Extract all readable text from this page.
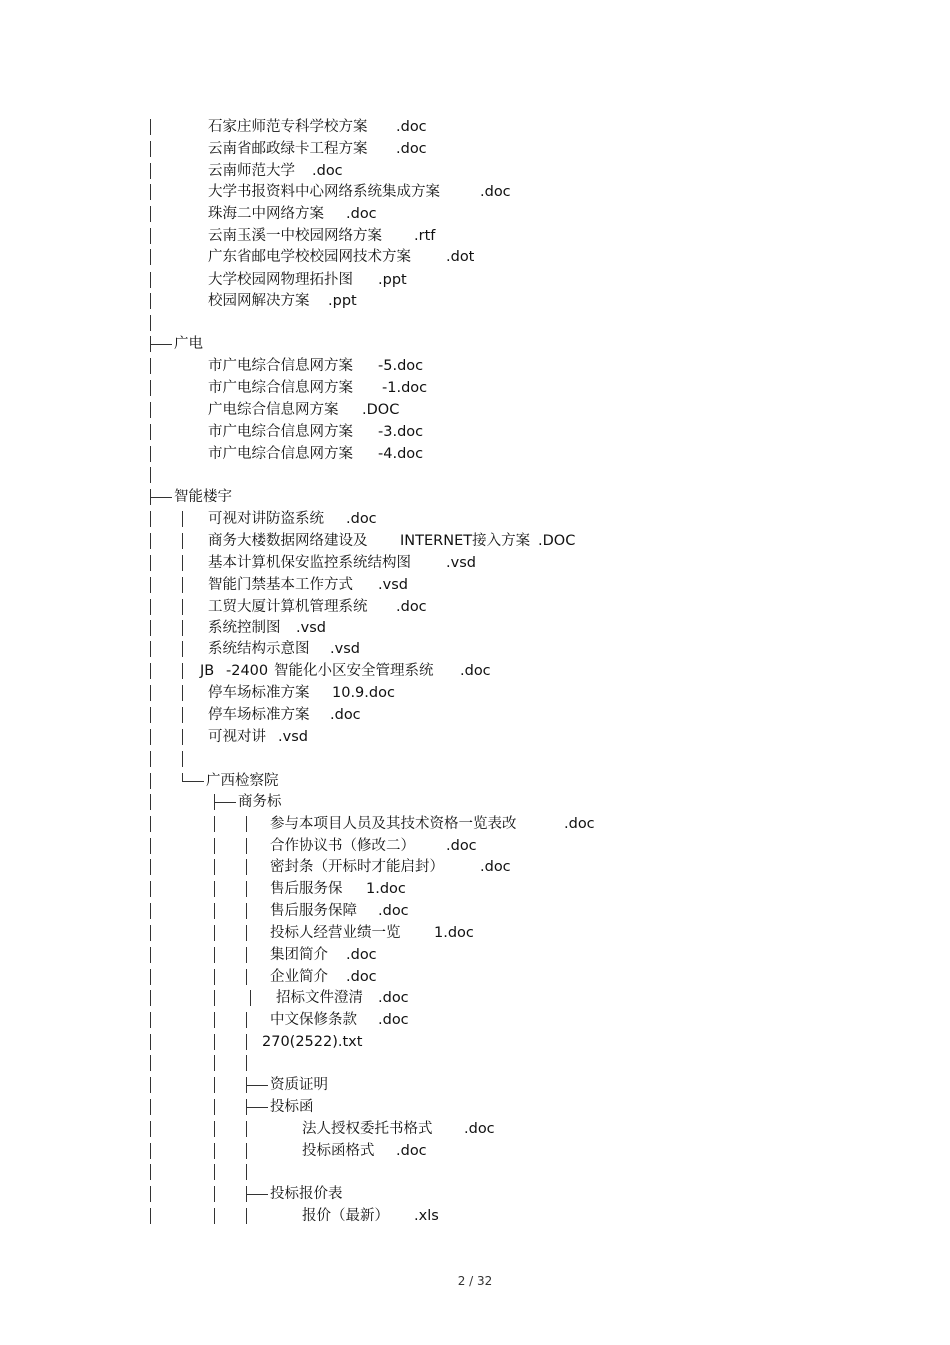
石家庄师范专科学校方案 .doc
云南省邮政绿卡工程方案 .doc
云南师范大学 .doc
大学书报资料中心网络系统集成方案	.doc
珠海二中网络方案 .doc
云南玉溪一中校园网络方案 .rtf
广东省邮电学校校园网技术方案 .dot
大学校园网物理拓扑图 .ppt
校园网解决方案 .ppt
广电
市广电综合信息网方案 -5.doc
市广电综合信息网方案 -1.doc
广电综合信息网方案 .DOC
市广电综合信息网方案 -3.doc
市广电综合信息网方案 -4.doc
智能楼宇
可视对讲防盗系统 .doc
商务大楼数据网络建设及 INTERNET接入方案 .DOC
基本计算机保安监控系统结构图 .vsd
智能门禁基本工作方式 .vsd
工贸大厦计算机管理系统 .doc
系统控制图 .vsd
系统结构示意图 .vsd
JB -2400 智能化小区安全管理系统 .doc
停车场标准方案 10.9.doc
停车场标准方案 .doc
可视对讲 .vsd
广西检察院
商务标
参与本项目人员及其技术资格一览表改	.doc
合作协议书（修改二） .doc
密封条（开标时才能启封） .doc
售后服务保 1.doc
售后服务保障 .doc
投标人经营业绩一览 1.doc
集团简介 .doc
企业简介 .doc
招标文件澄清 .doc
中文保修条款 .doc
270(2522).txt
资质证明
投标函
法人授权委托书格式 .doc
投标函格式 .doc
投标报价表
报价（最新） .xls
2 / 32
